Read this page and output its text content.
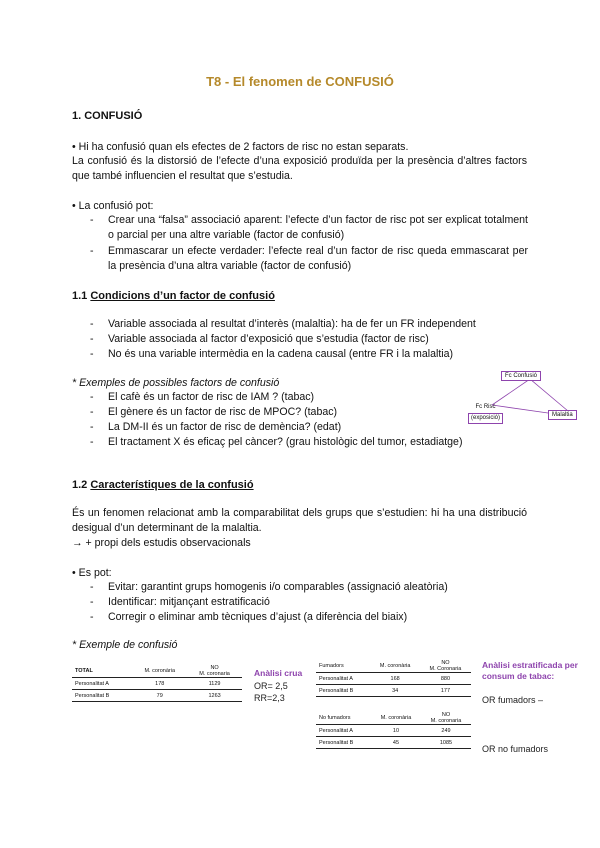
T8 - El fenomen de CONFUSIÓ
1. CONFUSIÓ
• Hi ha confusió quan els efectes de 2 factors de risc no estan separats.
La confusió és la distorsió de l’efecte d’una exposició produïda per la presència d’altres factors que també influencien el resultat que s’estudia.
• La confusió pot:
- Crear una “falsa” associació aparent: l’efecte d’un factor de risc pot ser explicat totalment o parcial per una altre variable (factor de confusió)
- Emmascarar un efecte verdader: l’efecte real d’un factor de risc queda emmascarat per la presència d’una altra variable (factor de confusió)
1.1 Condicions d’un factor de confusió
- Variable associada al resultat d’interès (malaltia): ha de fer un FR independent
- Variable associada al factor d’exposició que s’estudia (factor de risc)
- No és una variable intermèdia en la cadena causal (entre FR i la malaltia)
* Exemples de possibles factors de confusió
- El cafè és un factor de risc de IAM ? (tabac)
- El gènere és un factor de risc de MPOC? (tabac)
- La DM-II és un factor de risc de demència? (edat)
- El tractament X és eficaç pel càncer? (grau histològic del tumor, estadiatge)
Fc Confusió
Fc Risc
(exposició)	Malaltia
1.2 Característiques de la confusió
És un fenomen relacionat amb la comparabilitat dels grups que s’estudien: hi ha una distribució desigual d’un determinant de la malaltia.
→ + propi dels estudis observacionals
• Es pot:
- Evitar: garantint grups homogenis i/o comparables (assignació aleatòria)
- Identificar: mitjançant estratificació
- Corregir o eliminar amb tècniques d’ajust (a diferència del biaix)
* Exemple de confusió
TOTAL	M. coronària	NO
M. coronaria

Personalitat A	178	1129
Personalitat B	79	1263
Anàlisi crua
OR= 2,5
RR=2,3
Fumadors	M. coronària	NO
M. Coronaria

Personalitat A	168	880
Personalitat B	34	177
No fumadors	M. coronària	NO
M. coronaria

Personalitat A	10	249
Personalitat B	45	1085
Anàlisi estratificada per
consum de tabac:
OR fumadors –
OR no fumadors
